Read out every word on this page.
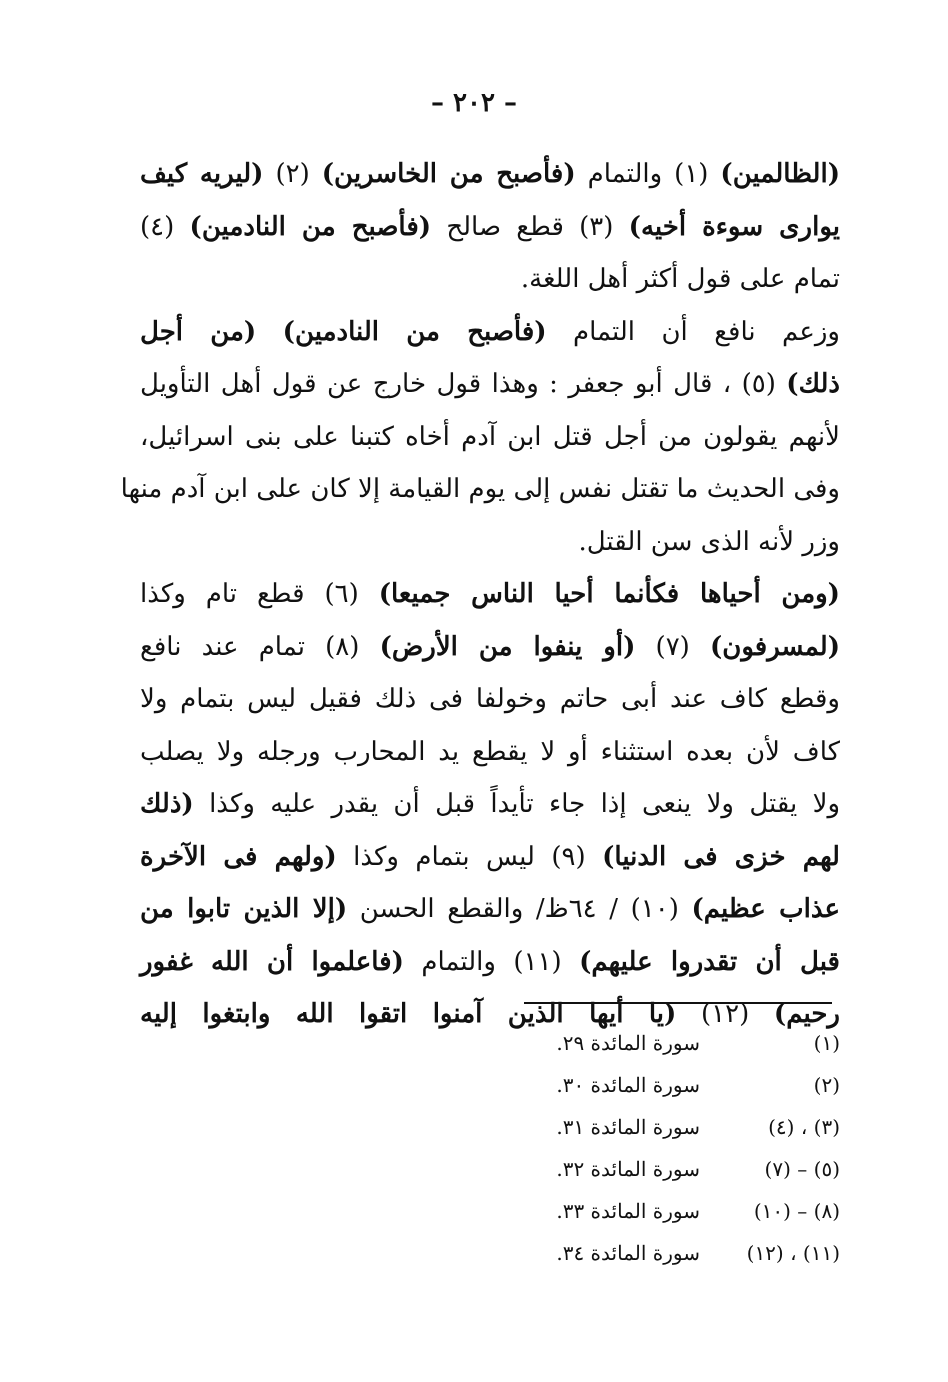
– ٢٠٢ –
(الظالمين) (١) والتمام (فأصبح من الخاسرين) (٢) (ليريه كيف
يوارى سوءة أخيه) (٣) قطع صالح (فأصبح من النادمين) (٤)
تمام على قول أكثر أهل اللغة.
وزعم نافع أن التمام (فأصبح من النادمين) (من أجل
ذلك) (٥) ، قال أبو جعفر : وهذا قول خارج عن قول أهل التأويل
لأنهم يقولون من أجل قتل ابن آدم أخاه كتبنا على بنى اسرائيل،
وفى الحديث ما تقتل نفس إلى يوم القيامة إلا كان على ابن آدم منها
وزر لأنه الذى سن القتل.
(ومن أحياها فكأنما أحيا الناس جميعا) (٦) قطع تام وكذا
(لمسرفون) (٧) (أو ينفوا من الأرض) (٨) تمام عند نافع
وقطع كاف عند أبى حاتم وخولفا فى ذلك فقيل ليس بتمام ولا
كاف لأن بعده استثناء أو لا يقطع يد المحارب ورجله ولا يصلب
ولا يقتل ولا ينعى إذا جاء تأيداً قبل أن يقدر عليه وكذا (ذلك
لهم خزى فى الدنيا) (٩) ليس بتمام وكذا (ولهم فى الآخرة
عذاب عظيم) (١٠) / ٦٤ظ/ والقطع الحسن (إلا الذين تابوا من
قبل أن تقدروا عليهم) (١١) والتمام (فاعلموا أن الله غفور
رحيم) (١٢) (يا أيها الذين آمنوا اتقوا الله وابتغوا إليه
(١)
سورة المائدة ٢٩.
(٢)
سورة المائدة ٣٠.
(٣) ، (٤)
سورة المائدة ٣١.
(٥) – (٧)
سورة المائدة ٣٢.
(٨) – (١٠)
سورة المائدة ٣٣.
(١١) ، (١٢)
سورة المائدة ٣٤.
